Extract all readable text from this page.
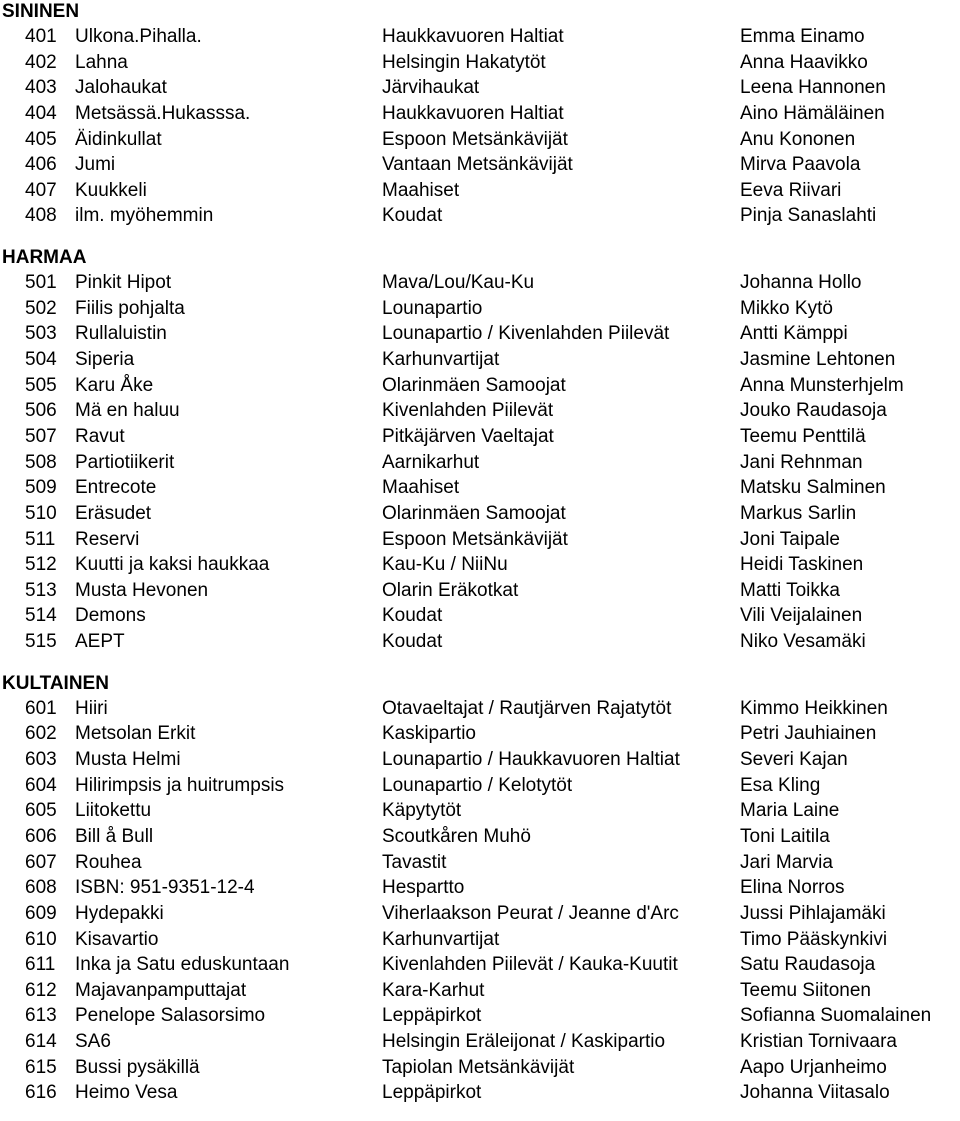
SININEN
401 Ulkona.Pihalla.	Haukkavuoren Haltiat	Emma Einamo
402 Lahna	Helsingin Hakatytöt	Anna Haavikko
403 Jalohaukat	Järvihaukat	Leena Hannonen
404 Metsässä.Hukasssa.	Haukkavuoren Haltiat	Aino Hämäläinen
405 Äidinkullat	Espoon Metsänkävijät	Anu Kononen
406 Jumi	Vantaan Metsänkävijät	Mirva Paavola
407 Kuukkeli	Maahiset	Eeva Riivari
408 ilm. myöhemmin	Koudat	Pinja Sanaslahti
HARMAA
501 Pinkit Hipot	Mava/Lou/Kau-Ku	Johanna Hollo
502 Fiilis pohjalta	Lounapartio	Mikko Kytö
503 Rullaluistin	Lounapartio / Kivenlahden Piilevät	Antti Kämppi
504 Siperia	Karhunvartijat	Jasmine Lehtonen
505 Karu Åke	Olarinmäen Samoojat	Anna Munsterhjelm
506 Mä en haluu	Kivenlahden Piilevät	Jouko Raudasoja
507 Ravut	Pitkäjärven Vaeltajat	Teemu Penttilä
508 Partiotiikerit	Aarnikarhut	Jani Rehnman
509 Entrecote	Maahiset	Matsku Salminen
510 Eräsudet	Olarinmäen Samoojat	Markus Sarlin
511 Reservi	Espoon Metsänkävijät	Joni Taipale
512 Kuutti ja kaksi haukkaa	Kau-Ku / NiiNu	Heidi Taskinen
513 Musta Hevonen	Olarin Eräkotkat	Matti Toikka
514 Demons	Koudat	Vili Veijalainen
515 AEPT	Koudat	Niko Vesamäki
KULTAINEN
601 Hiiri	Otavaeltajat / Rautjärven Rajatytöt	Kimmo Heikkinen
602 Metsolan Erkit	Kaskipartio	Petri Jauhiainen
603 Musta Helmi	Lounapartio / Haukkavuoren Haltiat	Severi Kajan
604 Hilirimpsis ja huitrumpsis	Lounapartio / Kelotytöt	Esa Kling
605 Liitokettu	Käpytytöt	Maria Laine
606 Bill å Bull	Scoutkåren Muhö	Toni Laitila
607 Rouhea	Tavastit	Jari Marvia
608 ISBN: 951-9351-12-4	Hespartto	Elina Norros
609 Hydepakki	Viherlaakson Peurat / Jeanne d'Arc	Jussi Pihlajamäki
610 Kisavartio	Karhunvartijat	Timo Pääskynkivi
611 Inka ja Satu eduskuntaan	Kivenlahden Piilevät / Kauka-Kuutit	Satu Raudasoja
612 Majavanpamputtajat	Kara-Karhut	Teemu Siitonen
613 Penelope Salasorsimo	Leppäpirkot	Sofianna Suomalainen
614 SA6	Helsingin Eräleijonat / Kaskipartio	Kristian Tornivaara
615 Bussi pysäkillä	Tapiolan Metsänkävijät	Aapo Urjanheimo
616 Heimo Vesa	Leppäpirkot	Johanna Viitasalo
